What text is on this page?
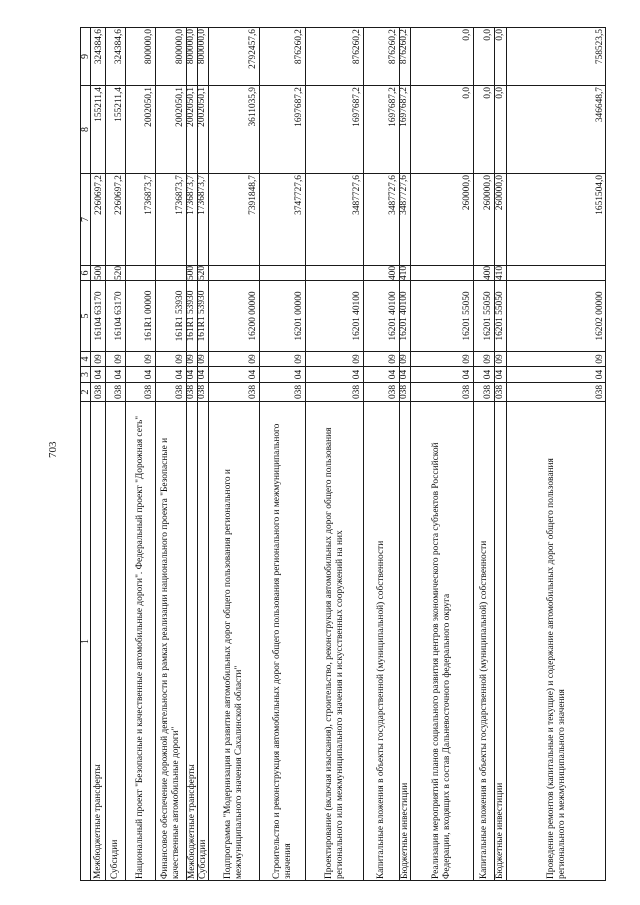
703
1
2
3
4
5
6
7
8
9
Межбюджетные трансферты
038
04
09
16104 63170
500
2260697,2
155211,4
324384,6
Субсидии
038
04
09
16104 63170
520
2260697,2
155211,4
324384,6
Национальный проект "Безопасные и качественные автомобильные дороги". Федеральный проект "Дорожная сеть"
038
04
09
161R1 00000
1736873,7
2002050,1
800000,0
Финансовое обеспечение дорожной деятельности в рамках реализации национального проекта "Безопасные и качественные автомобильные дороги"
038
04
09
161R1 53930
1736873,7
2002050,1
800000,0
Межбюджетные трансферты
038
04
09
161R1 53930
500
1736873,7
2002050,1
800000,0
Субсидии
038
04
09
161R1 53930
520
1736873,7
2002050,1
800000,0
Подпрограмма "Модернизация и развитие автомобильных дорог общего пользования регионального и межмуниципального значения Сахалинской области"
038
04
09
16200 00000
7391848,7
3611035,9
2792457,6
Строительство и реконструкция автомобильных дорог общего пользования регионального и межмуниципального значения
038
04
09
16201 00000
3747727,6
1697687,2
876260,2
Проектирование (включая изыскания), строительство, реконструкция автомобильных дорог общего пользования регионального или межмуниципального значения и искусственных сооружений на них
038
04
09
16201 40100
3487727,6
1697687,2
876260,2
Капитальные вложения в объекты государственной (муниципальной) собственности
038
04
09
16201 40100
400
3487727,6
1697687,2
876260,2
Бюджетные инвестиции
038
04
09
16201 40100
410
3487727,6
1697687,2
876260,2
Реализация мероприятий планов социального развития центров экономического роста субъектов Российской Федерации, входящих в состав Дальневосточного федерального округа
038
04
09
16201 55050
260000,0
0,0
0,0
Капитальные вложения в объекты государственной (муниципальной) собственности
038
04
09
16201 55050
400
260000,0
0,0
0,0
Бюджетные инвестиции
038
04
09
16201 55050
410
260000,0
0,0
0,0
Проведение ремонтов (капитальные и текущие) и содержание автомобильных дорог общего пользования регионального и межмуниципального значения
038
04
09
16202 00000
1651504,0
346648,7
758523,5
